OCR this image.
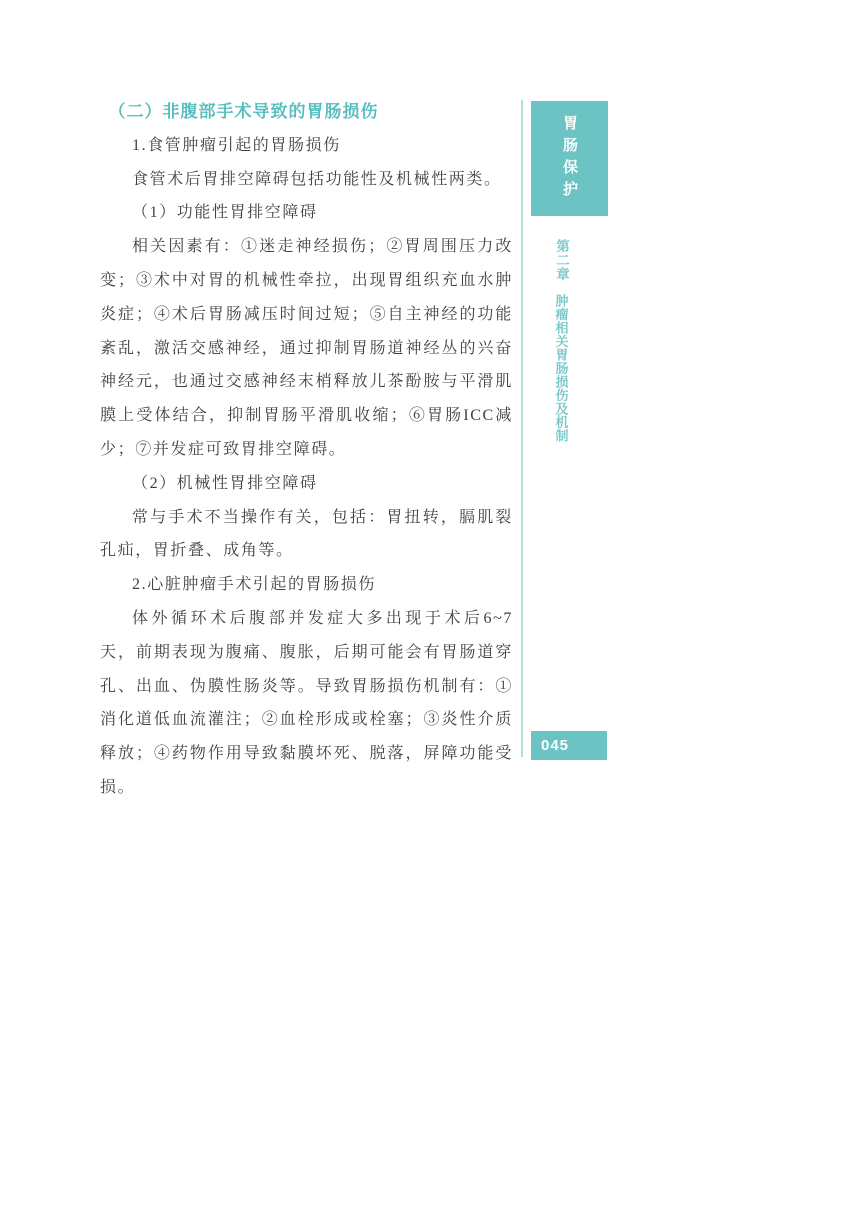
（二）非腹部手术导致的胃肠损伤

1.食管肿瘤引起的胃肠损伤

食管术后胃排空障碍包括功能性及机械性两类。

（1）功能性胃排空障碍

相关因素有：①迷走神经损伤；②胃周围压力改变；③术中对胃的机械性牵拉，出现胃组织充血水肿炎症；④术后胃肠减压时间过短；⑤自主神经的功能紊乱，激活交感神经，通过抑制胃肠道神经丛的兴奋神经元，也通过交感神经末梢释放儿茶酚胺与平滑肌膜上受体结合，抑制胃肠平滑肌收缩；⑥胃肠ICC减少；⑦并发症可致胃排空障碍。

（2）机械性胃排空障碍

常与手术不当操作有关，包括：胃扭转，膈肌裂孔疝，胃折叠、成角等。

2.心脏肿瘤手术引起的胃肠损伤

体外循环术后腹部并发症大多出现于术后6~7天，前期表现为腹痛、腹胀，后期可能会有胃肠道穿孔、出血、伪膜性肠炎等。导致胃肠损伤机制有：①消化道低血流灌注；②血栓形成或栓塞；③炎性介质释放；④药物作用导致黏膜坏死、脱落，屏障功能受损。

胃肠保护
第二章
肿瘤相关胃肠损伤及机制
045
